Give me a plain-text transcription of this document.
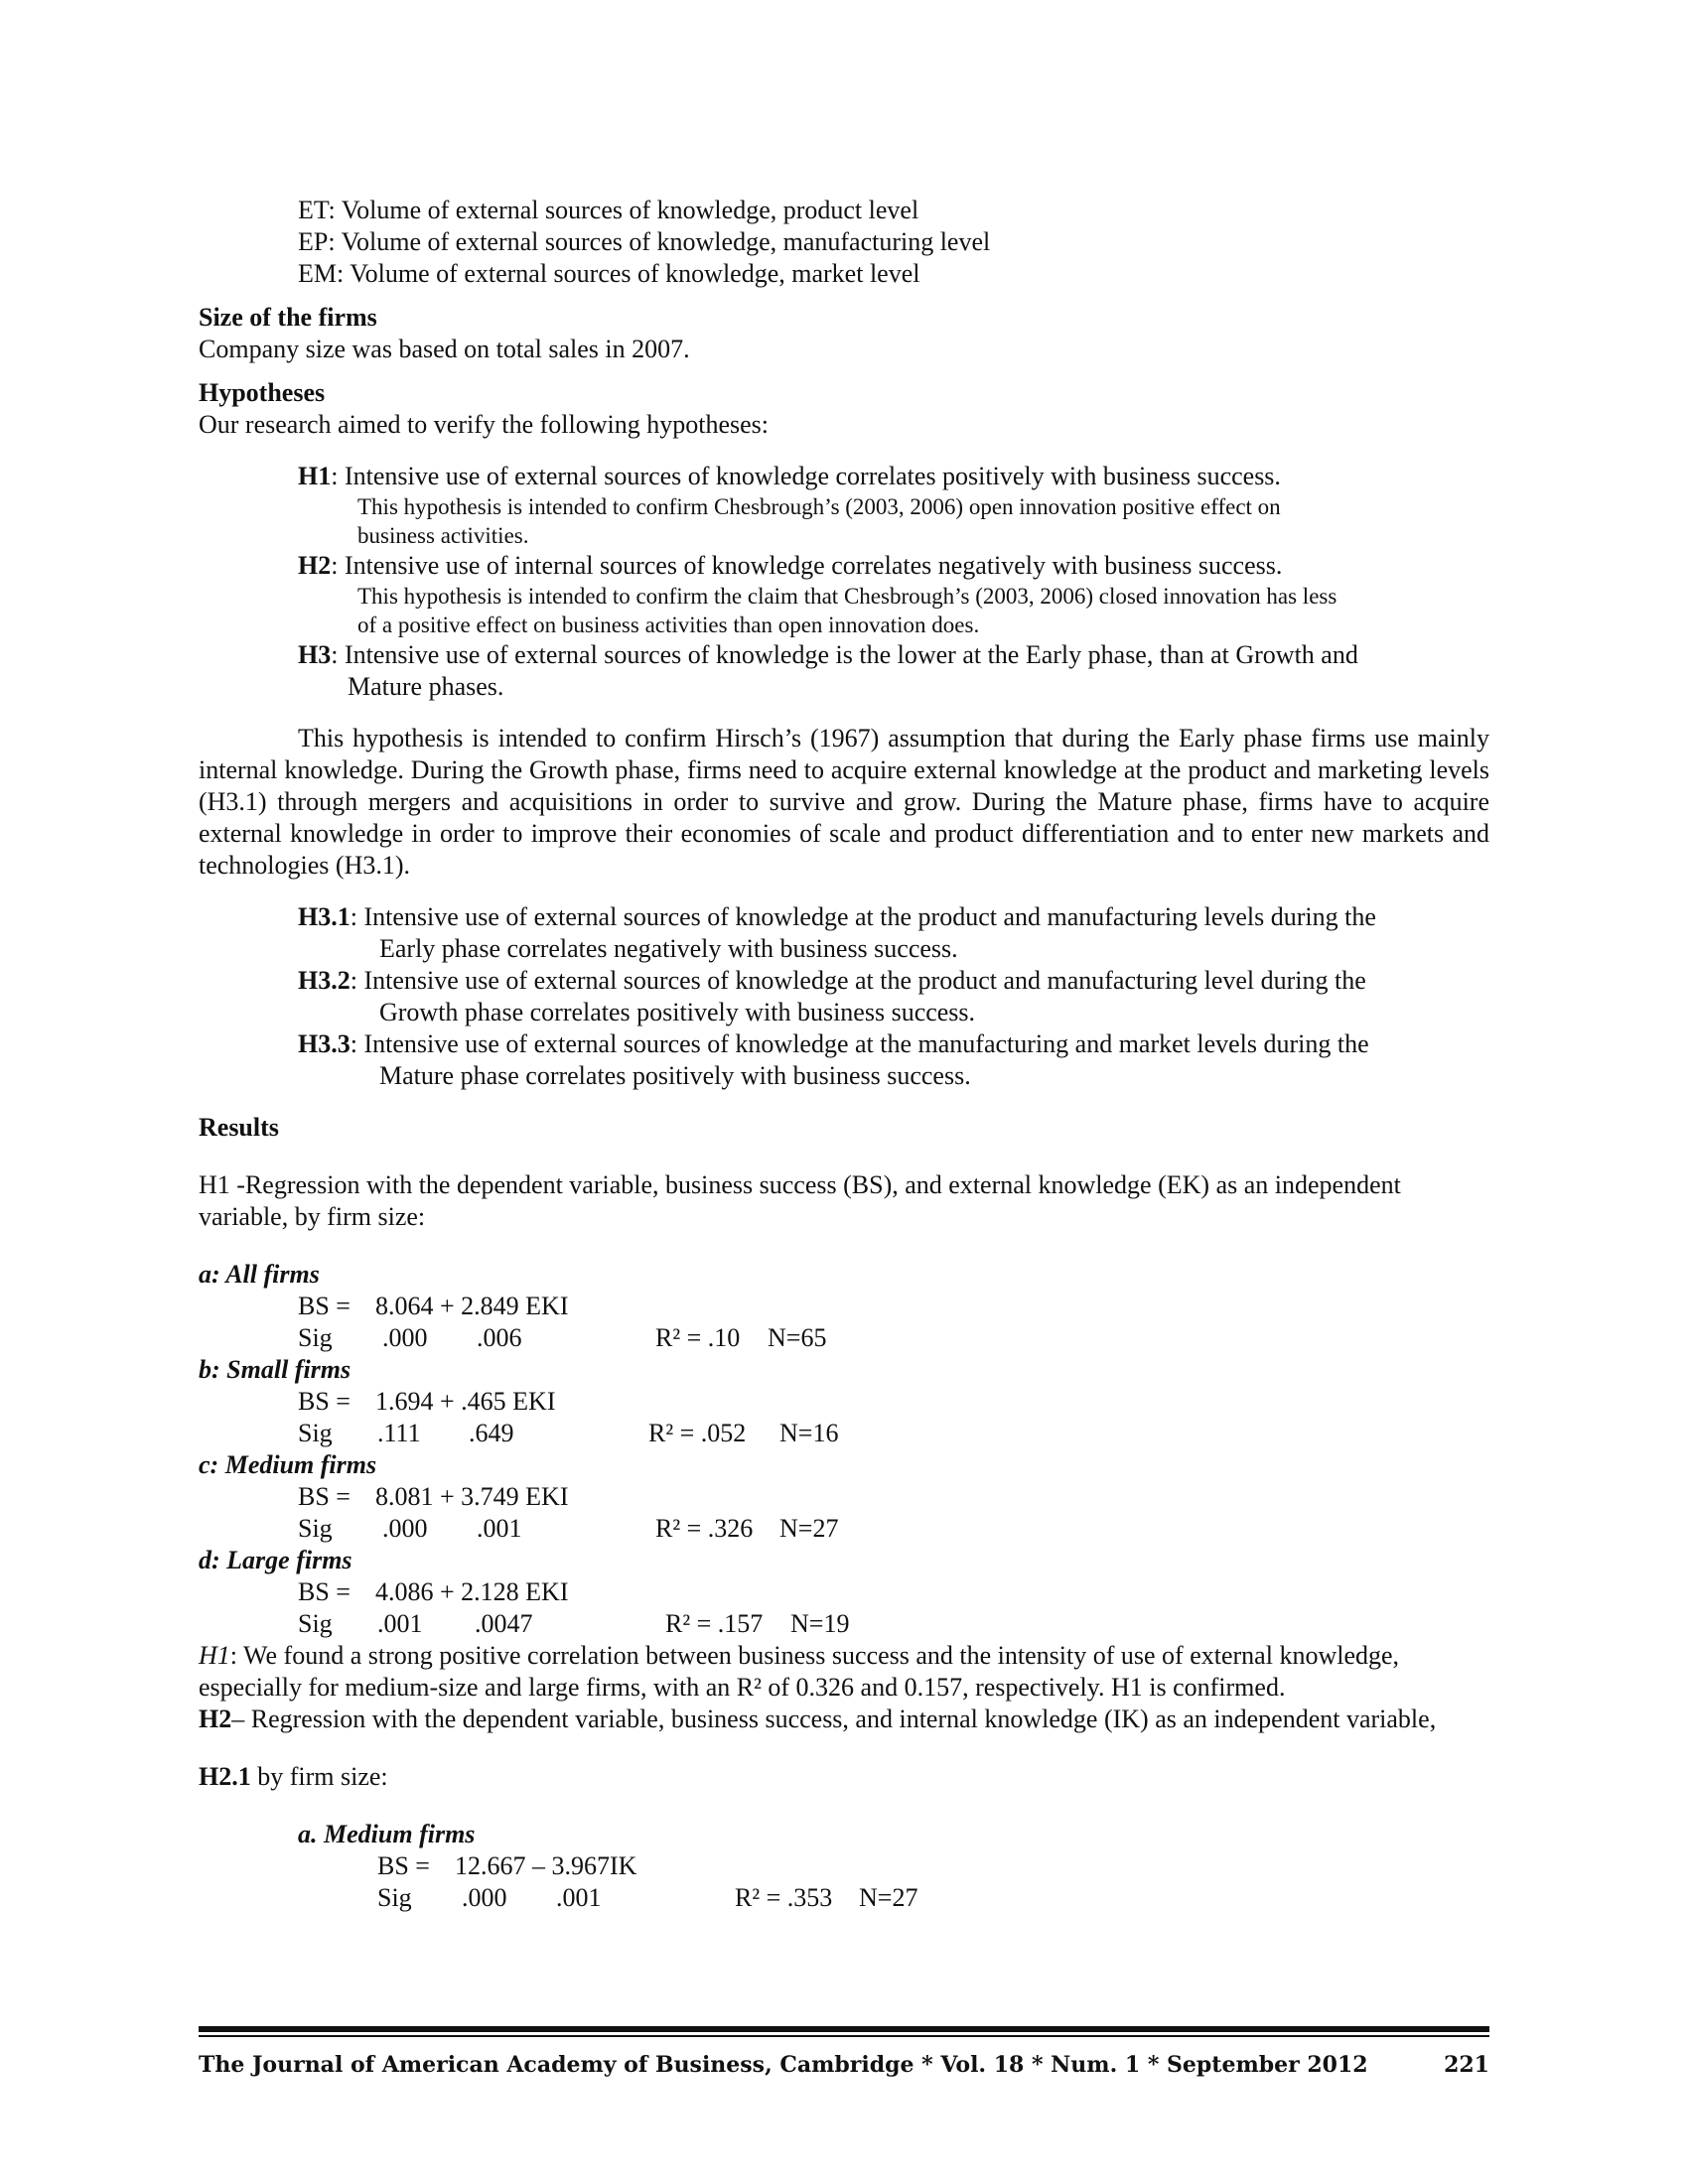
ET: Volume of external sources of knowledge, product level

EP: Volume of external sources of knowledge, manufacturing level

EM: Volume of external sources of knowledge, market level

Size of the firms

Company size was based on total sales in 2007.

Hypotheses

Our research aimed to verify the following hypotheses:

H1: Intensive use of external sources of knowledge correlates positively with business success.

This hypothesis is intended to confirm Chesbrough’s (2003, 2006) open innovation positive effect on

business activities.

H2: Intensive use of internal sources of knowledge correlates negatively with business success.

This hypothesis is intended to confirm the claim that Chesbrough’s (2003, 2006) closed innovation has less

of a positive effect on business activities than open innovation does.

H3: Intensive use of external sources of knowledge is the lower at the Early phase, than at Growth and

Mature phases.

This hypothesis is intended to confirm Hirsch’s (1967) assumption that during the Early phase firms use mainly internal knowledge. During the Growth phase, firms need to acquire external knowledge at the product and marketing levels (H3.1) through mergers and acquisitions in order to survive and grow. During the Mature phase, firms have to acquire external knowledge in order to improve their economies of scale and product differentiation and to enter new markets and technologies (H3.1).

H3.1: Intensive use of external sources of knowledge at the product and manufacturing levels during the

Early phase correlates negatively with business success.

H3.2: Intensive use of external sources of knowledge at the product and manufacturing level during the

Growth phase correlates positively with business success.

H3.3: Intensive use of external sources of knowledge at the manufacturing and market levels during the

Mature phase correlates positively with business success.

Results

H1 -Regression with the dependent variable, business success (BS), and external knowledge (EK) as an independent variable, by firm size:

a: All firms

BS = 8.064 + 2.849 EKI
Sig .000 .006	R² = .10 N=65

b: Small firms

BS = 1.694 + .465 EKI
Sig .111 .649	R² = .052 N=16

c: Medium firms

BS = 8.081 + 3.749 EKI
Sig .000 .001	R² = .326 N=27

d: Large firms

BS = 4.086 + 2.128 EKI
Sig .001 .0047	R² = .157 N=19

H1: We found a strong positive correlation between business success and the intensity of use of external knowledge, especially for medium-size and large firms, with an R² of 0.326 and 0.157, respectively. H1 is confirmed.

H2– Regression with the dependent variable, business success, and internal knowledge (IK) as an independent variable,

H2.1 by firm size:

a. Medium firms

BS = 12.667 – 3.967IK
Sig .000 .001	R² = .353 N=27
The Journal of American Academy of Business, Cambridge * Vol. 18 * Num. 1 * September 2012	221
